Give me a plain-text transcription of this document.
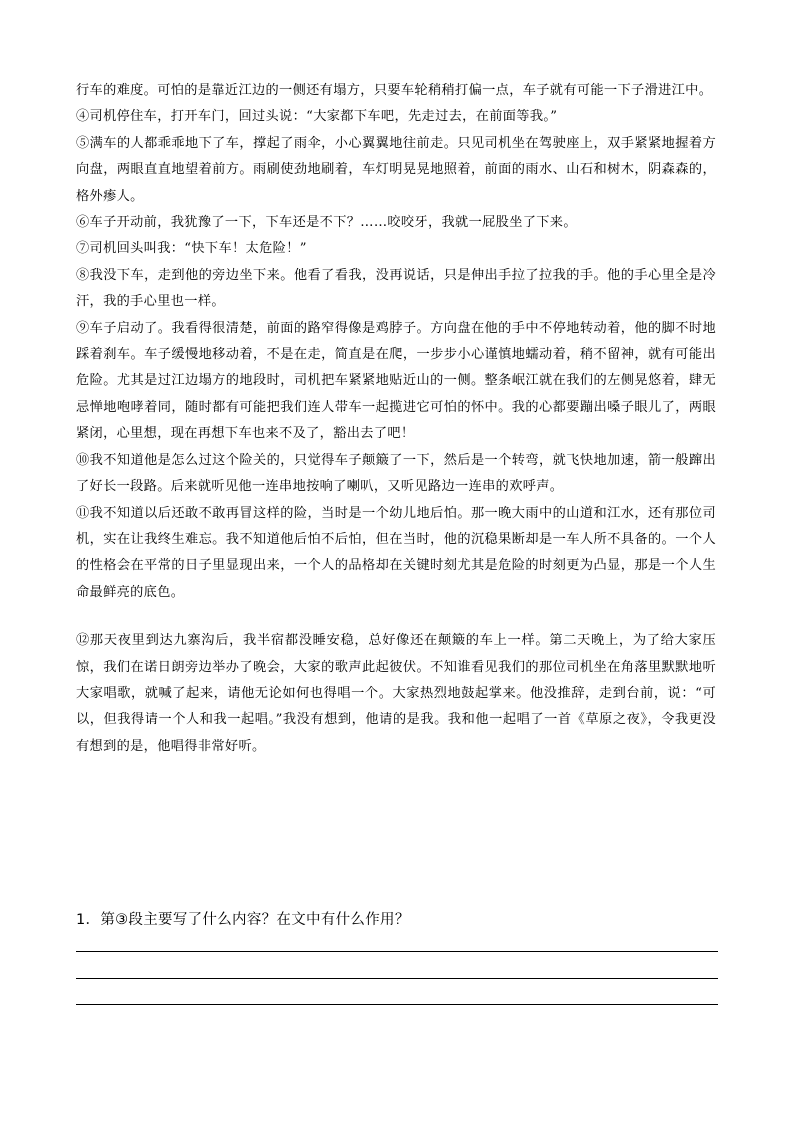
行车的难度。可怕的是靠近江边的一侧还有塌方，只要车轮稍稍打偏一点，车子就有可能一下子滑进江中。

④司机停住车，打开车门，回过头说：“大家都下车吧，先走过去，在前面等我。”

⑤满车的人都乖乖地下了车，撑起了雨伞，小心翼翼地往前走。只见司机坐在驾驶座上，双手紧紧地握着方向盘，两眼直直地望着前方。雨刷使劲地刷着，车灯明晃晃地照着，前面的雨水、山石和树木，阴森森的，格外瘆人。

⑥车子开动前，我犹豫了一下，下车还是不下？……咬咬牙，我就一屁股坐了下来。

⑦司机回头叫我：“快下车！太危险！”

⑧我没下车，走到他的旁边坐下来。他看了看我，没再说话，只是伸出手拉了拉我的手。他的手心里全是冷汗，我的手心里也一样。

⑨车子启动了。我看得很清楚，前面的路窄得像是鸡脖子。方向盘在他的手中不停地转动着，他的脚不时地踩着刹车。车子缓慢地移动着，不是在走，简直是在爬，一步步小心谨慎地蠕动着，稍不留神，就有可能出危险。尤其是过江边塌方的地段时，司机把车紧紧地贴近山的一侧。整条岷江就在我们的左侧晃悠着，肆无忌惮地咆哮着同，随时都有可能把我们连人带车一起揽进它可怕的怀中。我的心都要蹦出嗓子眼儿了，两眼紧闭，心里想，现在再想下车也来不及了，豁出去了吧！

⑩我不知道他是怎么过这个险关的，只觉得车子颠簸了一下，然后是一个转弯，就飞快地加速，箭一般蹿出了好长一段路。后来就听见他一连串地按响了喇叭，又听见路边一连串的欢呼声。

⑪我不知道以后还敢不敢再冒这样的险，当时是一个幼儿地后怕。那一晚大雨中的山道和江水，还有那位司机，实在让我终生难忘。我不知道他后怕不后怕，但在当时，他的沉稳果断却是一车人所不具备的。一个人的性格会在平常的日子里显现出来，一个人的品格却在关键时刻尤其是危险的时刻更为凸显，那是一个人生命最鲜亮的底色。

⑫那天夜里到达九寨沟后，我半宿都没睡安稳，总好像还在颠簸的车上一样。第二天晚上，为了给大家压惊，我们在诺日朗旁边举办了晚会，大家的歌声此起彼伏。不知谁看见我们的那位司机坐在角落里默默地听大家唱歌，就喊了起来，请他无论如何也得唱一个。大家热烈地鼓起掌来。他没推辞，走到台前，说：“可以，但我得请一个人和我一起唱。”我没有想到，他请的是我。我和他一起唱了一首《草原之夜》，令我更没有想到的是，他唱得非常好听。

1．第③段主要写了什么内容？在文中有什么作用？
